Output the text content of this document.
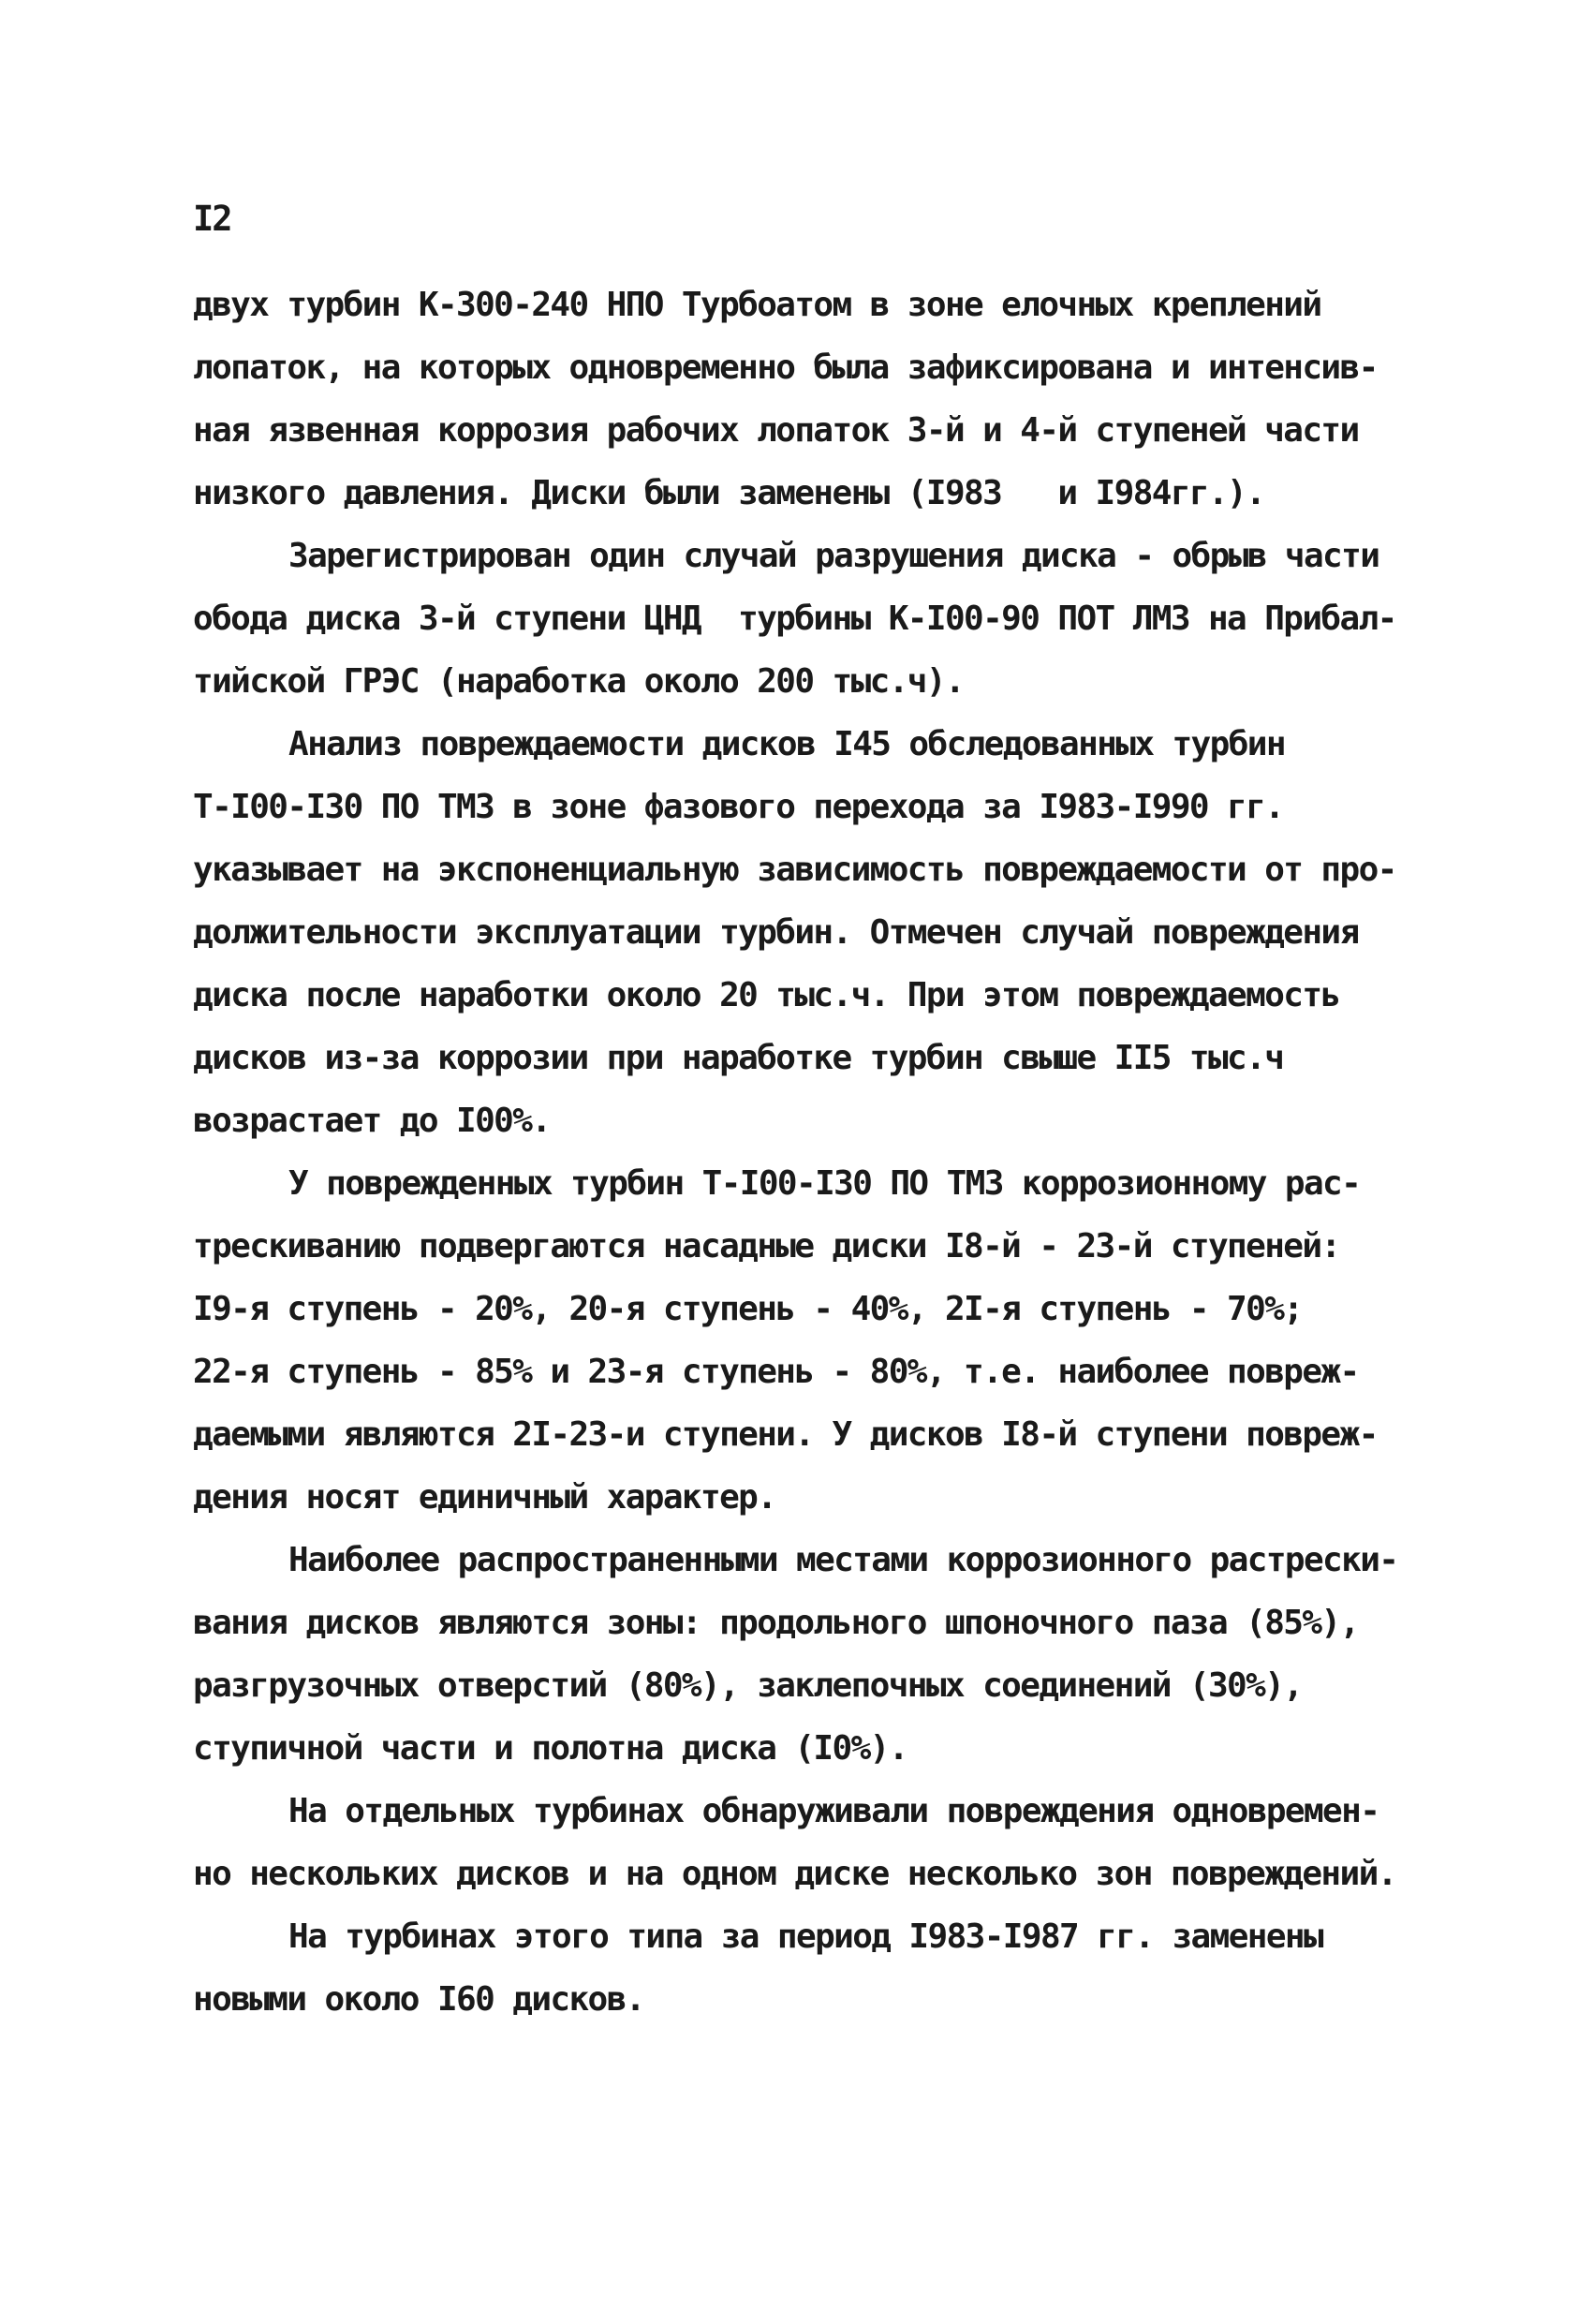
I2
двух турбин К-300-240 НПО Турбоатом в зоне елочных креплений
лопаток, на которых одновременно была зафиксирована и интенсив-
ная язвенная коррозия рабочих лопаток 3-й и 4-й ступеней части
низкого давления. Диски были заменены (I983   и I984гг.).
Зарегистрирован один случай разрушения диска - обрыв части
обода диска 3-й ступени ЦНД  турбины К-I00-90 ПОТ ЛМЗ на Прибал-
тийской ГРЭС (наработка около 200 тыс.ч).
Анализ повреждаемости дисков I45 обследованных турбин
Т-I00-I30 ПО ТМЗ в зоне фазового перехода за I983-I990 гг.
указывает на экспоненциальную зависимость повреждаемости от про-
должительности эксплуатации турбин. Отмечен случай повреждения
диска после наработки около 20 тыс.ч. При этом повреждаемость
дисков из-за коррозии при наработке турбин свыше II5 тыс.ч
возрастает до I00%.
У поврежденных турбин Т-I00-I30 ПО ТМЗ коррозионному рас-
трескиванию подвергаются насадные диски I8-й - 23-й ступеней:
I9-я ступень - 20%, 20-я ступень - 40%, 2I-я ступень - 70%;
22-я ступень - 85% и 23-я ступень - 80%, т.е. наиболее повреж-
даемыми являются 2I-23-и ступени. У дисков I8-й ступени повреж-
дения носят единичный характер.
Наиболее распространенными местами коррозионного растрески-
вания дисков являются зоны: продольного шпоночного паза (85%),
разгрузочных отверстий (80%), заклепочных соединений (30%),
ступичной части и полотна диска (I0%).
На отдельных турбинах обнаруживали повреждения одновремен-
но нескольких дисков и на одном диске несколько зон повреждений.
На турбинах этого типа за период I983-I987 гг. заменены
новыми около I60 дисков.
